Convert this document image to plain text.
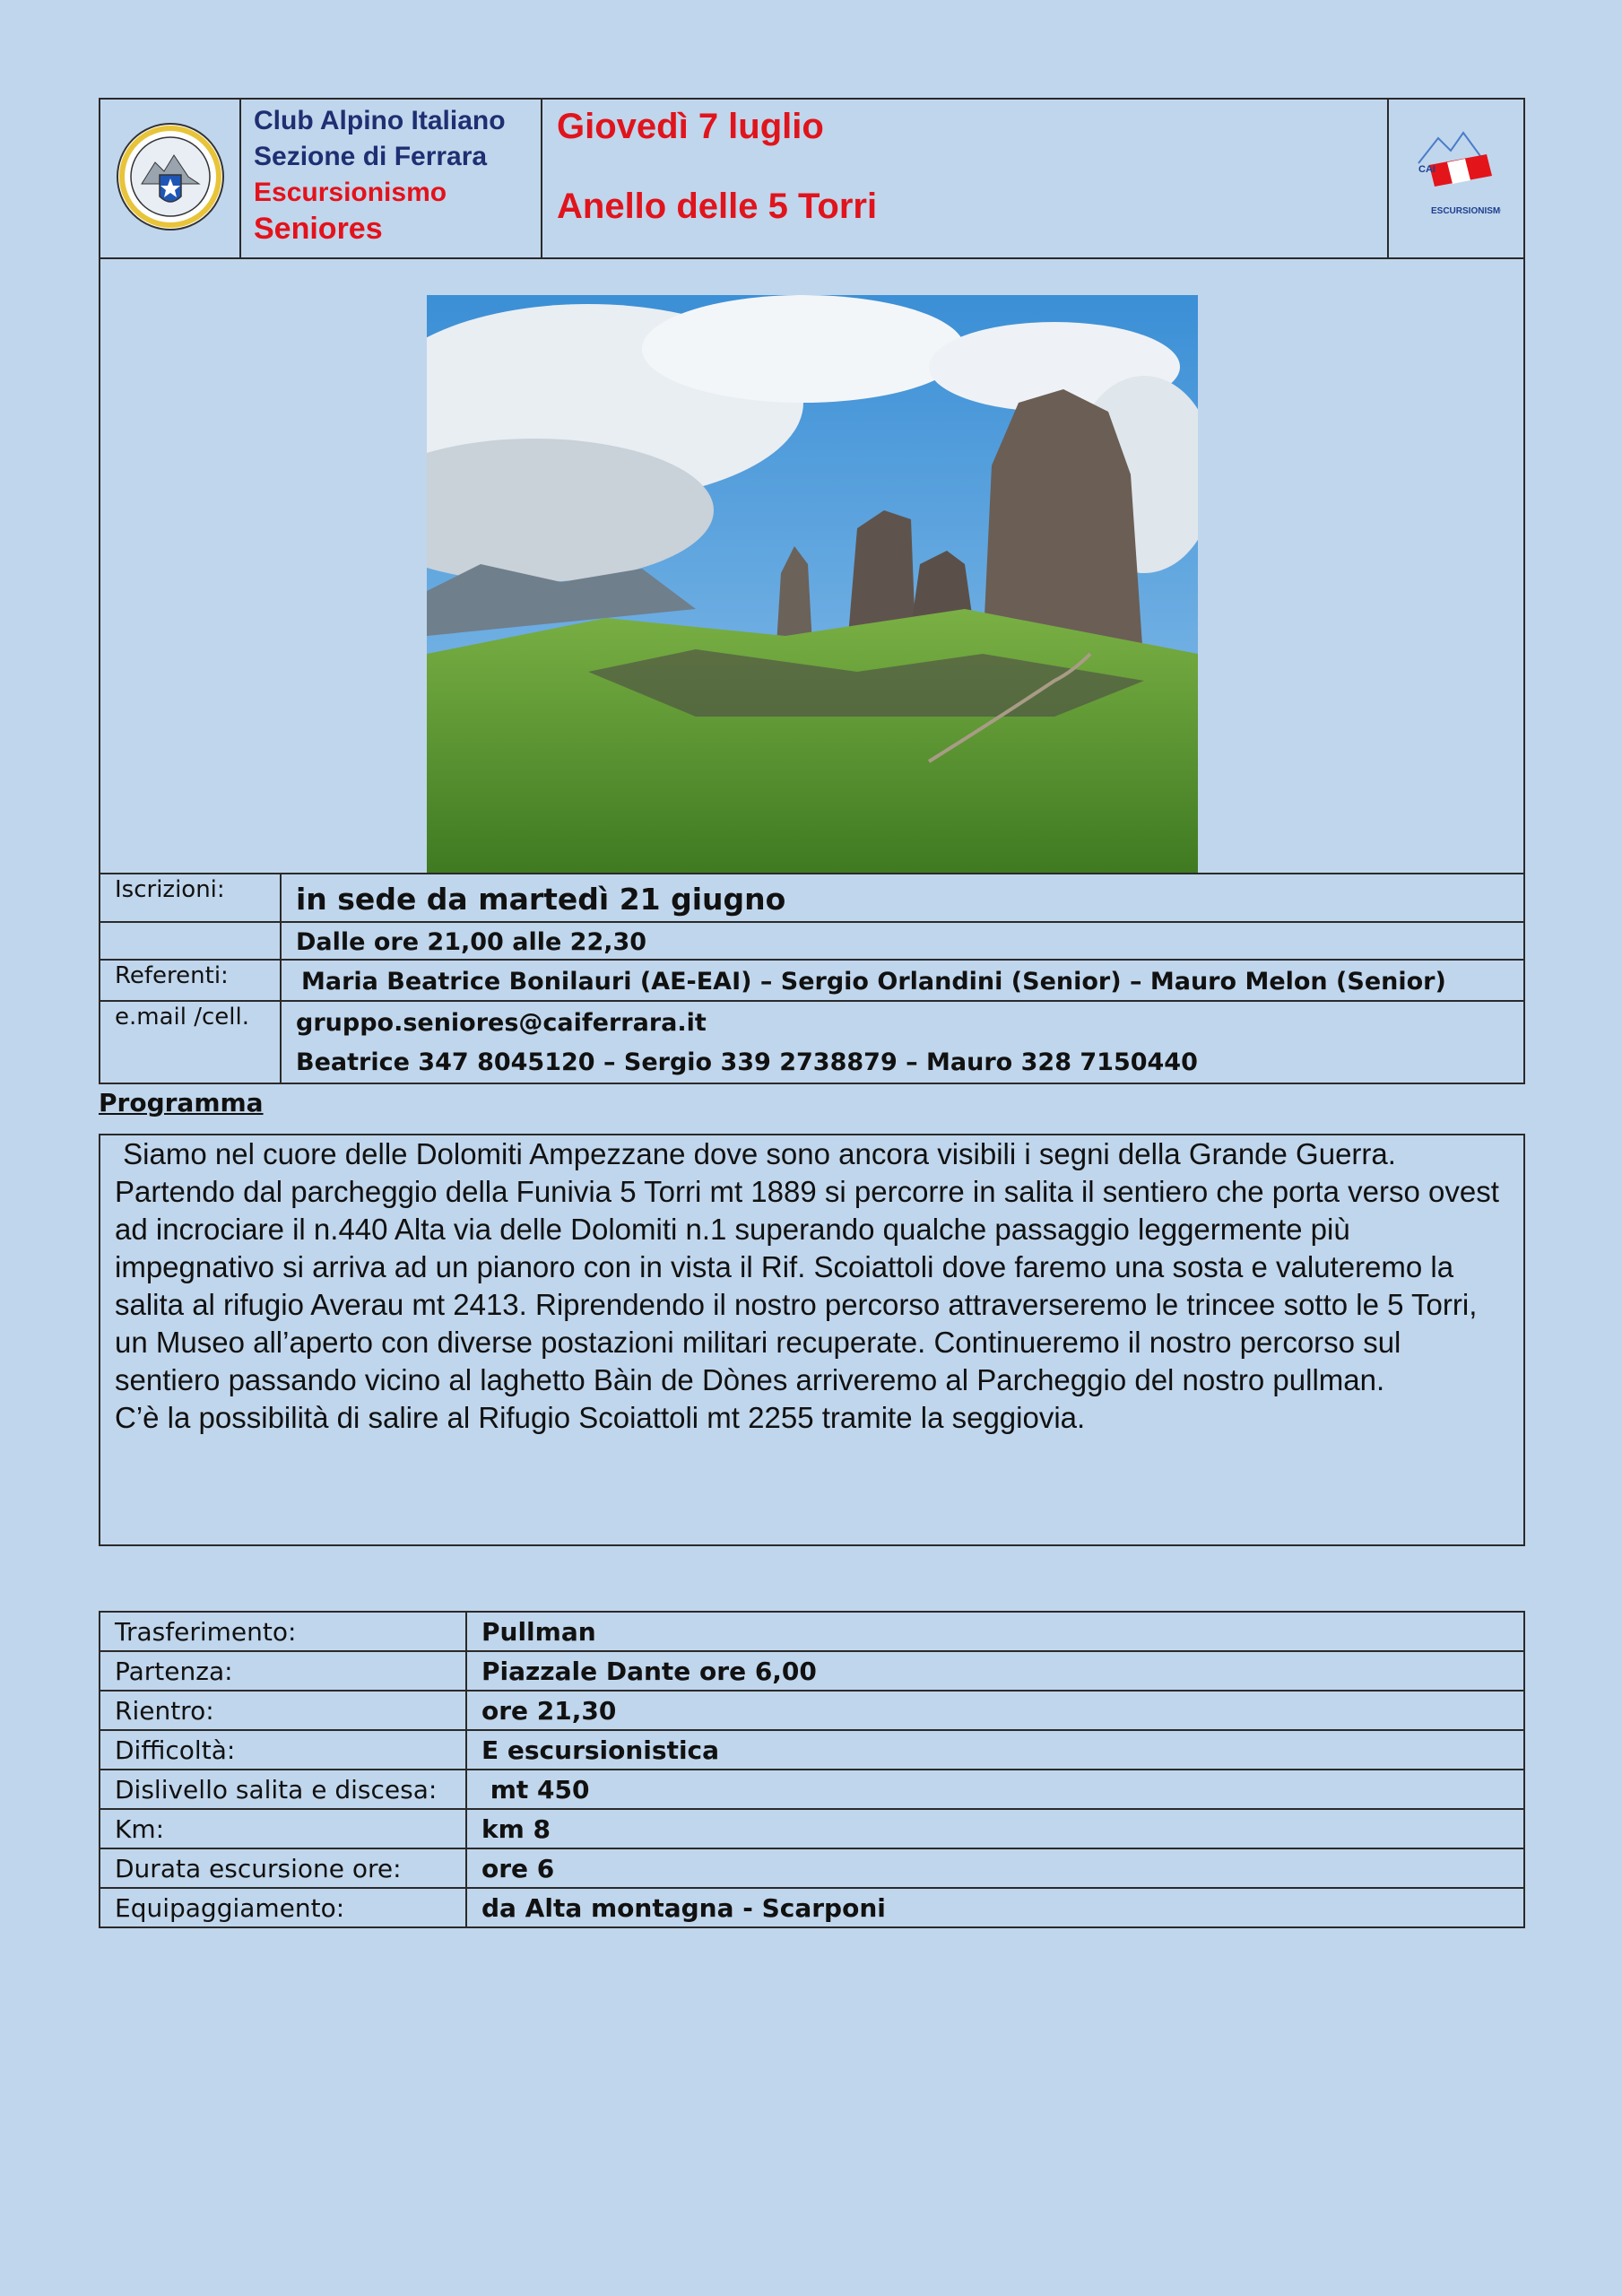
Club Alpino Italiano
Sezione di Ferrara
Escursionismo
Seniores

Giovedì 7 luglio
Anello delle 5 Torri

CAI
ESCURSIONISMO
Iscrizioni:	in sede da martedì 21 giugno
	Dalle ore 21,00 alle 22,30
Referenti:	Maria Beatrice Bonilauri (AE-EAI) – Sergio Orlandini (Senior) – Mauro Melon (Senior)
e.mail /cell.	gruppo.seniores@caiferrara.it
Beatrice 347 8045120 – Sergio 339 2738879 – Mauro 328 7150440
Programma
Siamo nel cuore delle Dolomiti Ampezzane dove sono ancora visibili i segni della Grande Guerra. Partendo dal parcheggio della Funivia 5 Torri mt 1889 si percorre in salita il sentiero che porta verso ovest ad incrociare il n.440 Alta via delle Dolomiti n.1 superando qualche passaggio leggermente più impegnativo si arriva ad un pianoro con in vista il Rif. Scoiattoli dove faremo una sosta e valuteremo la salita al rifugio Averau mt 2413. Riprendendo il nostro percorso attraverseremo le trincee sotto le 5 Torri, un Museo all’aperto con diverse postazioni militari recuperate. Continueremo il nostro percorso sul sentiero passando vicino al laghetto Bàin de Dònes arriveremo al Parcheggio del nostro pullman.
C’è la possibilità di salire al Rifugio Scoiattoli mt 2255 tramite la seggiovia.
Trasferimento:	Pullman
Partenza:	Piazzale Dante ore 6,00
Rientro:	ore 21,30
Difficoltà:	E escursionistica
Dislivello salita e discesa:	mt 450
Km:	km 8
Durata escursione ore:	ore 6
Equipaggiamento:	da Alta montagna - Scarponi
